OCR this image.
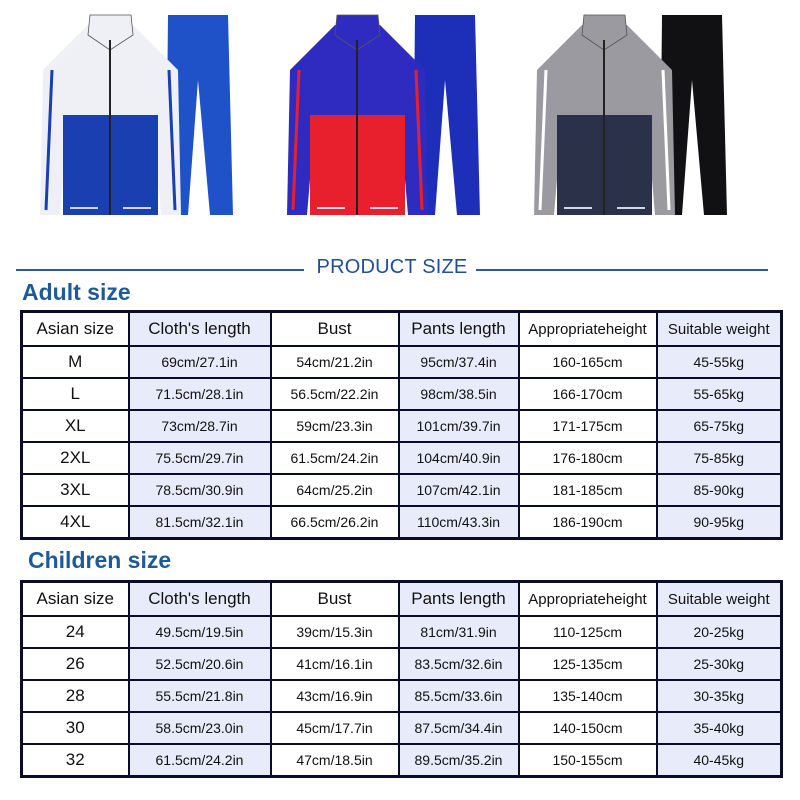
PRODUCT SIZE
Adult size
Asian size	Cloth's length	Bust	Pants length	Appropriateheight	Suitable weight
M	69cm/27.1in	54cm/21.2in	95cm/37.4in	160-165cm	45-55kg
L	71.5cm/28.1in	56.5cm/22.2in	98cm/38.5in	166-170cm	55-65kg
XL	73cm/28.7in	59cm/23.3in	101cm/39.7in	171-175cm	65-75kg
2XL	75.5cm/29.7in	61.5cm/24.2in	104cm/40.9in	176-180cm	75-85kg
3XL	78.5cm/30.9in	64cm/25.2in	107cm/42.1in	181-185cm	85-90kg
4XL	81.5cm/32.1in	66.5cm/26.2in	110cm/43.3in	186-190cm	90-95kg
Children size
Asian size	Cloth's length	Bust	Pants length	Appropriateheight	Suitable weight
24	49.5cm/19.5in	39cm/15.3in	81cm/31.9in	110-125cm	20-25kg
26	52.5cm/20.6in	41cm/16.1in	83.5cm/32.6in	125-135cm	25-30kg
28	55.5cm/21.8in	43cm/16.9in	85.5cm/33.6in	135-140cm	30-35kg
30	58.5cm/23.0in	45cm/17.7in	87.5cm/34.4in	140-150cm	35-40kg
32	61.5cm/24.2in	47cm/18.5in	89.5cm/35.2in	150-155cm	40-45kg
